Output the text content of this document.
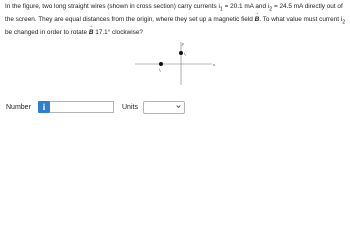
In the figure, two long straight wires (shown in cross section) carry currents $i_1 = 20.1$ mA and $i_2 = 24.5$ mA directly out of the screen. They are equal distances from the origin, where they set up a magnetic field → B. To what value must current $i_2$ be changed in order to rotate → B 17.1° clockwise?

y
x
$i_2$
$i_1$
Number	i	Units
